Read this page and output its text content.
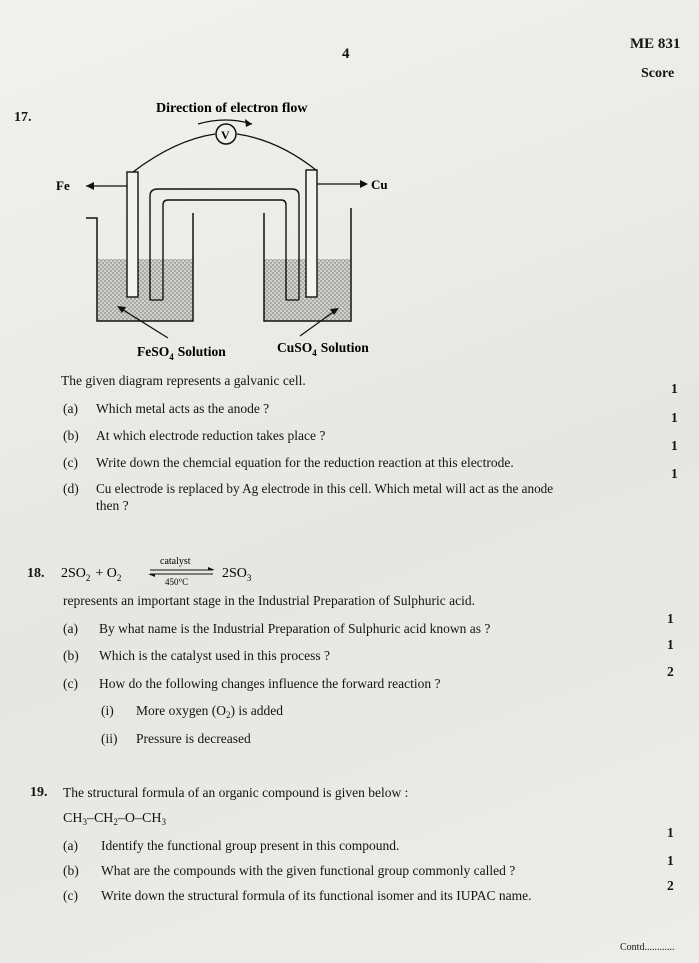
4
ME 831
Score
17.
Direction of electron flow
V
Fe	Cu
FeSO$_4$ Solution	CuSO$_4$ Solution
The given diagram represents a galvanic cell.
(a) Which metal acts as the anode ?
1
(b) At which electrode reduction takes place ?
1
(c) Write down the chemcial equation for the reduction reaction at this electrode.
1
(d) Cu electrode is replaced by Ag electrode in this cell. Which metal will act as the anode
then ?
1
18. $2SO_2 + O_2$
catalyst
450°C
$2SO_3$
represents an important stage in the Industrial Preparation of Sulphuric acid.
(a) By what name is the Industrial Preparation of Sulphuric acid known as ?
1
(b) Which is the catalyst used in this process ?
1
(c) How do the following changes influence the forward reaction ?
2
(i) More oxygen $(O_2)$ is added
(ii) Pressure is decreased
19. The structural formula of an organic compound is given below :
$CH_3-CH_2-O-CH_3$
(a) Identify the functional group present in this compound.
1
(b) What are the compounds with the given functional group commonly called ?
1
(c) Write down the structural formula of its functional isomer and its IUPAC name.
2
Contd............
